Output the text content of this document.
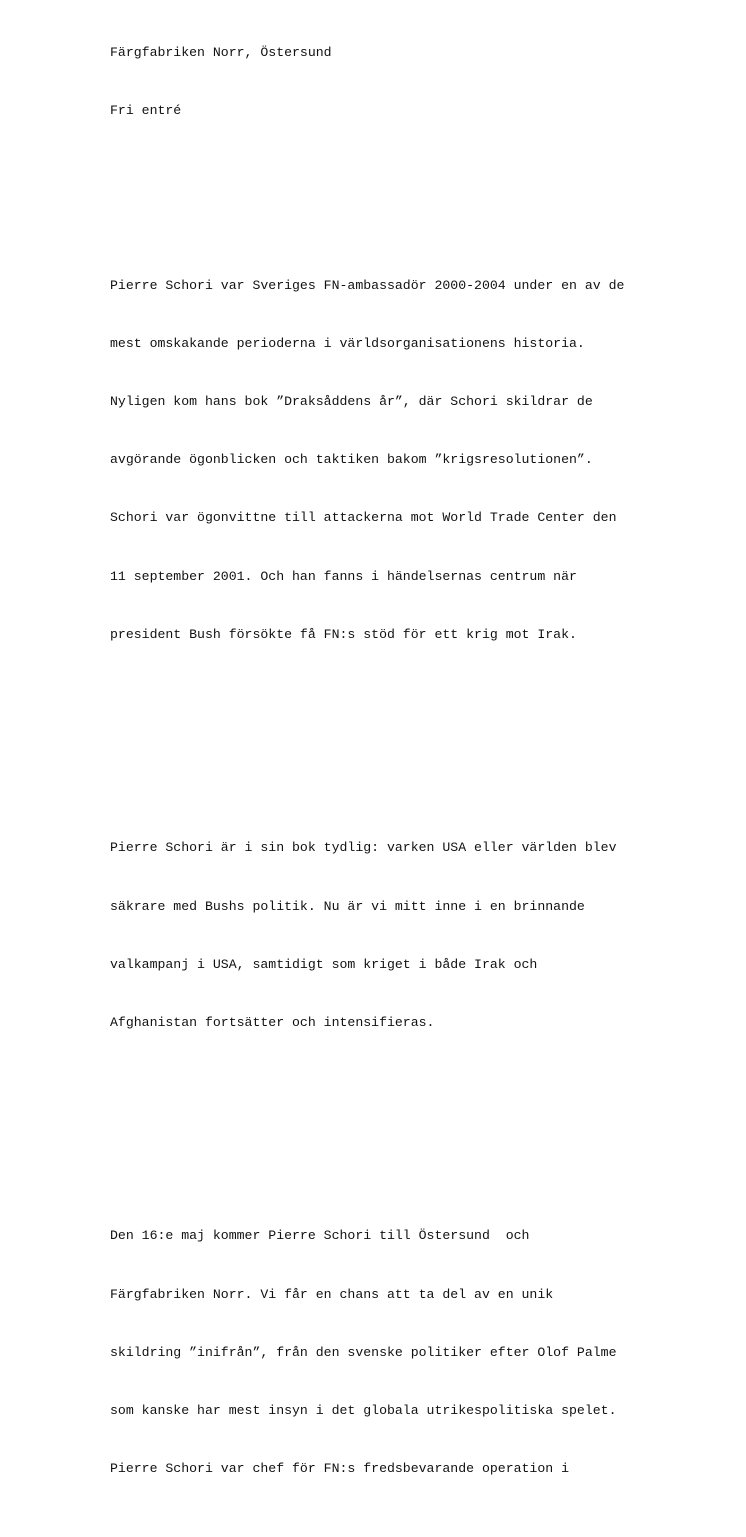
Färgfabriken Norr, Östersund

Fri entré

Pierre Schori var Sveriges FN-ambassadör 2000-2004 under en av de

mest omskakande perioderna i världsorganisationens historia.

Nyligen kom hans bok ”Draksåddens år”, där Schori skildrar de

avgörande ögonblicken och taktiken bakom ”krigsresolutionen”.

Schori var ögonvittne till attackerna mot World Trade Center den

11 september 2001. Och han fanns i händelsernas centrum när

president Bush försökte få FN:s stöd för ett krig mot Irak.

Pierre Schori är i sin bok tydlig: varken USA eller världen blev

säkrare med Bushs politik. Nu är vi mitt inne i en brinnande

valkampanj i USA, samtidigt som kriget i både Irak och

Afghanistan fortsätter och intensifieras.

Den 16:e maj kommer Pierre Schori till Östersund  och

Färgfabriken Norr. Vi får en chans att ta del av en unik

skildring ”inifrån”, från den svenske politiker efter Olof Palme

som kanske har mest insyn i det globala utrikespolitiska spelet.

Pierre Schori var chef för FN:s fredsbevarande operation i
